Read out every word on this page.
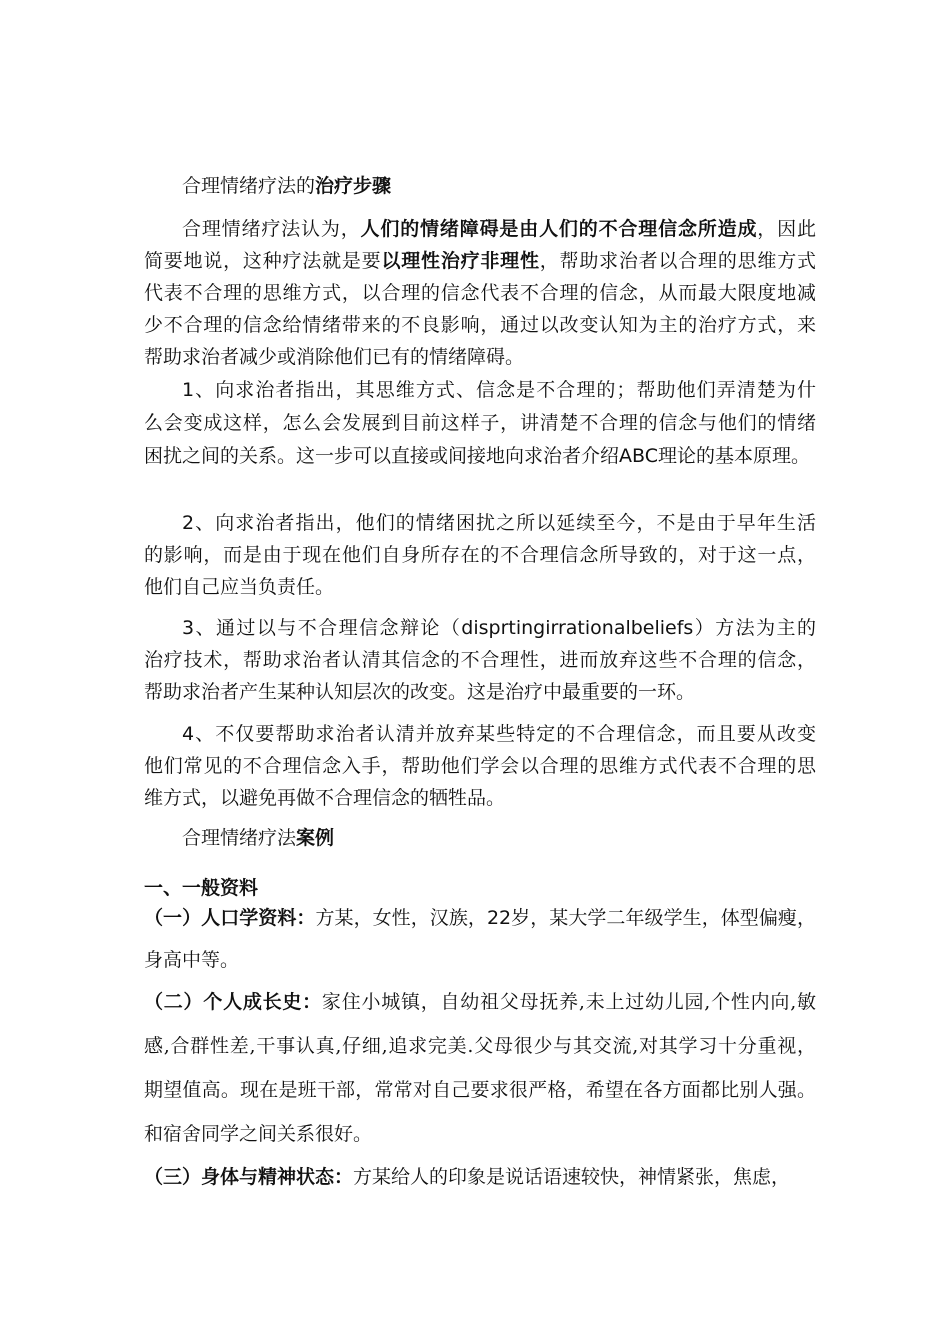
合理情绪疗法的治疗步骤
合理情绪疗法认为，人们的情绪障碍是由人们的不合理信念所造成，因此
简要地说，这种疗法就是要以理性治疗非理性，帮助求治者以合理的思维方式
代表不合理的思维方式，以合理的信念代表不合理的信念，从而最大限度地减
少不合理的信念给情绪带来的不良影响，通过以改变认知为主的治疗方式，来
帮助求治者减少或消除他们已有的情绪障碍。
1、向求治者指出，其思维方式、信念是不合理的；帮助他们弄清楚为什
么会变成这样，怎么会发展到目前这样子，讲清楚不合理的信念与他们的情绪
困扰之间的关系。这一步可以直接或间接地向求治者介绍ABC理论的基本原理。
2、向求治者指出，他们的情绪困扰之所以延续至今，不是由于早年生活
的影响，而是由于现在他们自身所存在的不合理信念所导致的，对于这一点，
他们自己应当负责任。
3、通过以与不合理信念辩论（disprtingirrationalbeliefs）方法为主的
治疗技术，帮助求治者认清其信念的不合理性，进而放弃这些不合理的信念，
帮助求治者产生某种认知层次的改变。这是治疗中最重要的一环。
4、不仅要帮助求治者认清并放弃某些特定的不合理信念，而且要从改变
他们常见的不合理信念入手，帮助他们学会以合理的思维方式代表不合理的思
维方式，以避免再做不合理信念的牺牲品。
合理情绪疗法案例
一、一般资料
（一）人口学资料：方某，女性，汉族，22岁，某大学二年级学生，体型偏瘦，
身高中等。
（二）个人成长史：家住小城镇，自幼祖父母抚养,未上过幼儿园,个性内向,敏
感,合群性差,干事认真,仔细,追求完美.父母很少与其交流,对其学习十分重视，
期望值高。现在是班干部，常常对自己要求很严格，希望在各方面都比别人强。
和宿舍同学之间关系很好。
（三）身体与精神状态：方某给人的印象是说话语速较快，神情紧张，焦虑，
